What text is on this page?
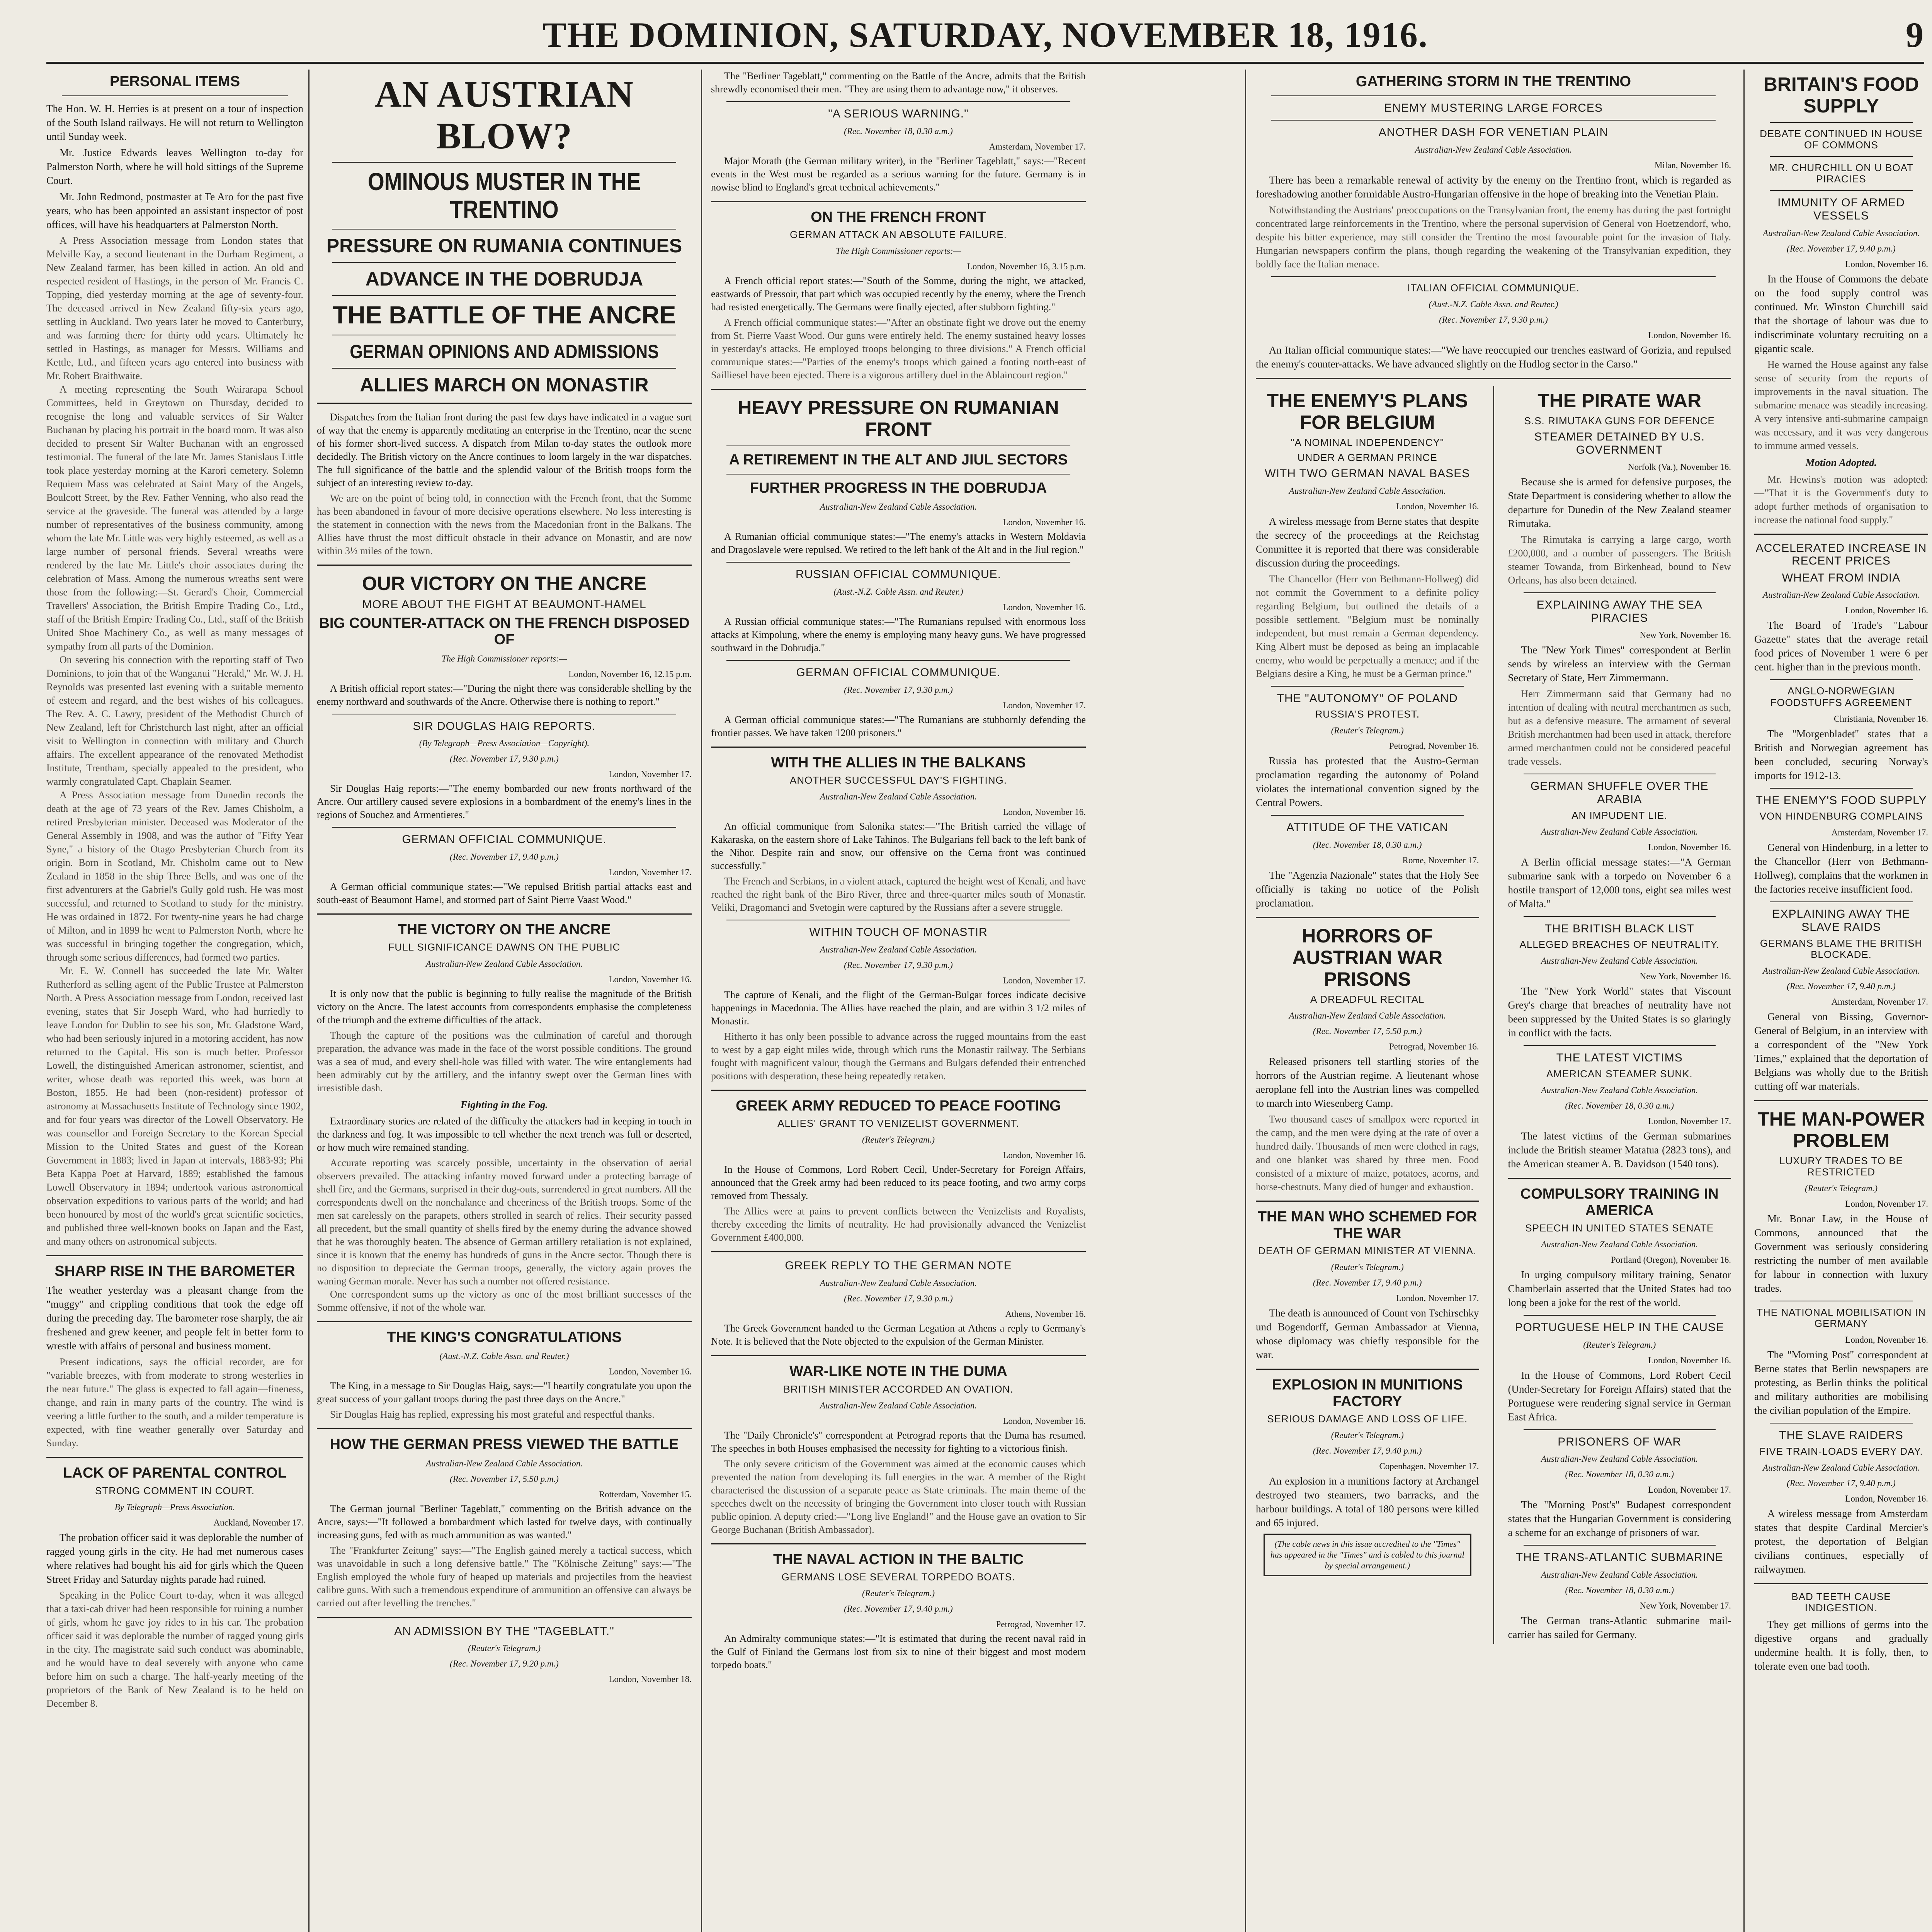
THE DOMINION, SATURDAY, NOVEMBER 18, 1916.	9
PERSONAL ITEMS

The Hon. W. H. Herries is at present on a tour of inspection of the South Island railways. He will not return to Wellington until Sunday week.

Mr. Justice Edwards leaves Wellington to-day for Palmerston North, where he will hold sittings of the Supreme Court.

Mr. John Redmond, postmaster at Te Aro for the past five years, who has been appointed an assistant inspector of post offices, will have his headquarters at Palmerston North.

A Press Association message from London states that Melville Kay, a second lieutenant in the Durham Regiment, a New Zealand farmer, has been killed in action. An old and respected resident of Hastings, in the person of Mr. Francis C. Topping, died yesterday morning at the age of seventy-four. The deceased arrived in New Zealand fifty-six years ago, settling in Auckland. Two years later he moved to Canterbury, and was farming there for thirty odd years. Ultimately he settled in Hastings, as manager for Messrs. Williams and Kettle, Ltd., and fifteen years ago entered into business with Mr. Robert Braithwaite.
A meeting representing the South Wairarapa School Committees, held in Greytown on Thursday, decided to recognise the long and valuable services of Sir Walter Buchanan by placing his portrait in the board room. It was also decided to present Sir Walter Buchanan with an engrossed testimonial. The funeral of the late Mr. James Stanislaus Little took place yesterday morning at the Karori cemetery. Solemn Requiem Mass was celebrated at Saint Mary of the Angels, Boulcott Street, by the Rev. Father Venning, who also read the service at the graveside. The funeral was attended by a large number of representatives of the business community, among whom the late Mr. Little was very highly esteemed, as well as a large number of personal friends. Several wreaths were rendered by the late Mr. Little's choir associates during the celebration of Mass. Among the numerous wreaths sent were those from the following:—St. Gerard's Choir, Commercial Travellers' Association, the British Empire Trading Co., Ltd., staff of the British Empire Trading Co., Ltd., staff of the British United Shoe Machinery Co., as well as many messages of sympathy from all parts of the Dominion.
On severing his connection with the reporting staff of Two Dominions, to join that of the Wanganui "Herald," Mr. W. J. H. Reynolds was presented last evening with a suitable memento of esteem and regard, and the best wishes of his colleagues. The Rev. A. C. Lawry, president of the Methodist Church of New Zealand, left for Christchurch last night, after an official visit to Wellington in connection with military and Church affairs. The excellent appearance of the renovated Methodist Institute, Trentham, specially appealed to the president, who warmly congratulated Capt. Chaplain Seamer.
A Press Association message from Dunedin records the death at the age of 73 years of the Rev. James Chisholm, a retired Presbyterian minister. Deceased was Moderator of the General Assembly in 1908, and was the author of "Fifty Year Syne," a history of the Otago Presbyterian Church from its origin. Born in Scotland, Mr. Chisholm came out to New Zealand in 1858 in the ship Three Bells, and was one of the first adventurers at the Gabriel's Gully gold rush. He was most successful, and returned to Scotland to study for the ministry. He was ordained in 1872. For twenty-nine years he had charge of Milton, and in 1899 he went to Palmerston North, where he was successful in bringing together the congregation, which, through some serious differences, had formed two parties.
Mr. E. W. Connell has succeeded the late Mr. Walter Rutherford as selling agent of the Public Trustee at Palmerston North. A Press Association message from London, received last evening, states that Sir Joseph Ward, who had hurriedly to leave London for Dublin to see his son, Mr. Gladstone Ward, who had been seriously injured in a motoring accident, has now returned to the Capital. His son is much better. Professor Lowell, the distinguished American astronomer, scientist, and writer, whose death was reported this week, was born at Boston, 1855. He had been (non-resident) professor of astronomy at Massachusetts Institute of Technology since 1902, and for four years was director of the Lowell Observatory. He was counsellor and Foreign Secretary to the Korean Special Mission to the United States and guest of the Korean Government in 1883; lived in Japan at intervals, 1883-93; Phi Beta Kappa Poet at Harvard, 1889; established the famous Lowell Observatory in 1894; undertook various astronomical observation expeditions to various parts of the world; and had been honoured by most of the world's great scientific societies, and published three well-known books on Japan and the East, and many others on astronomical subjects.
SHARP RISE IN THE BAROMETER

The weather yesterday was a pleasant change from the "muggy" and crippling conditions that took the edge off during the preceding day. The barometer rose sharply, the air freshened and grew keener, and people felt in better form to wrestle with affairs of personal and business moment.

Present indications, says the official recorder, are for "variable breezes, with from moderate to strong westerlies in the near future." The glass is expected to fall again—fineness, change, and rain in many parts of the country. The wind is veering a little further to the south, and a milder temperature is expected, with fine weather generally over Saturday and Sunday.
LACK OF PARENTAL CONTROL
STRONG COMMENT IN COURT.
By Telegraph—Press Association.
Auckland, November 17.

The probation officer said it was deplorable the number of ragged young girls in the city. He had met numerous cases where relatives had bought his aid for girls which the Queen Street Friday and Saturday nights parade had ruined.

Speaking in the Police Court to-day, when it was alleged that a taxi-cab driver had been responsible for ruining a number of girls, whom he gave joy rides to in his car. The probation officer said it was deplorable the number of ragged young girls in the city. The magistrate said such conduct was abominable, and he would have to deal severely with anyone who came before him on such a charge. The half-yearly meeting of the proprietors of the Bank of New Zealand is to be held on December 8.
AN AUSTRIAN BLOW?
OMINOUS MUSTER IN THE TRENTINO
PRESSURE ON RUMANIA CONTINUES
ADVANCE IN THE DOBRUDJA
THE BATTLE OF THE ANCRE
GERMAN OPINIONS AND ADMISSIONS
ALLIES MARCH ON MONASTIR

Dispatches from the Italian front during the past few days have indicated in a vague sort of way that the enemy is apparently meditating an enterprise in the Trentino, near the scene of his former short-lived success. A dispatch from Milan to-day states the outlook more decidedly. The British victory on the Ancre continues to loom largely in the war dispatches. The full significance of the battle and the splendid valour of the British troops form the subject of an interesting review to-day.

We are on the point of being told, in connection with the French front, that the Somme has been abandoned in favour of more decisive operations elsewhere. No less interesting is the statement in connection with the news from the Macedonian front in the Balkans. The Allies have thrust the most difficult obstacle in their advance on Monastir, and are now within 3½ miles of the town.
OUR VICTORY ON THE ANCRE
MORE ABOUT THE FIGHT AT BEAUMONT-HAMEL
BIG COUNTER-ATTACK ON THE FRENCH DISPOSED OF
The High Commissioner reports:—
London, November 16, 12.15 p.m.

A British official report states:—"During the night there was considerable shelling by the enemy northward and southwards of the Ancre. Otherwise there is nothing to report."

SIR DOUGLAS HAIG REPORTS.
(By Telegraph—Press Association—Copyright).
(Rec. November 17, 9.30 p.m.)
London, November 17.

Sir Douglas Haig reports:—"The enemy bombarded our new fronts northward of the Ancre. Our artillery caused severe explosions in a bombardment of the enemy's lines in the regions of Souchez and Armentieres."

GERMAN OFFICIAL COMMUNIQUE.
(Rec. November 17, 9.40 p.m.)
London, November 17.

A German official communique states:—"We repulsed British partial attacks east and south-east of Beaumont Hamel, and stormed part of Saint Pierre Vaast Wood."

THE VICTORY ON THE ANCRE
FULL SIGNIFICANCE DAWNS ON THE PUBLIC
Australian-New Zealand Cable Association.
London, November 16.

It is only now that the public is beginning to fully realise the magnitude of the British victory on the Ancre. The latest accounts from correspondents emphasise the completeness of the triumph and the extreme difficulties of the attack.

Though the capture of the positions was the culmination of careful and thorough preparation, the advance was made in the face of the worst possible conditions. The ground was a sea of mud, and every shell-hole was filled with water. The wire entanglements had been admirably cut by the artillery, and the infantry swept over the German lines with irresistible dash.
Fighting in the Fog.

Extraordinary stories are related of the difficulty the attackers had in keeping in touch in the darkness and fog. It was impossible to tell whether the next trench was full or deserted, or how much wire remained standing.

Accurate reporting was scarcely possible, uncertainty in the observation of aerial observers prevailed. The attacking infantry moved forward under a protecting barrage of shell fire, and the Germans, surprised in their dug-outs, surrendered in great numbers. All the correspondents dwell on the nonchalance and cheeriness of the British troops. Some of the men sat carelessly on the parapets, others strolled in search of relics. Their security passed all precedent, but the small quantity of shells fired by the enemy during the advance showed that he was thoroughly beaten. The absence of German artillery retaliation is not explained, since it is known that the enemy has hundreds of guns in the Ancre sector. Though there is no disposition to depreciate the German troops, generally, the victory again proves the waning German morale. Never has such a number not offered resistance.
One correspondent sums up the victory as one of the most brilliant successes of the Somme offensive, if not of the whole war.
THE KING'S CONGRATULATIONS
(Aust.-N.Z. Cable Assn. and Reuter.)
London, November 16.

The King, in a message to Sir Douglas Haig, says:—"I heartily congratulate you upon the great success of your gallant troops during the past three days on the Ancre."

Sir Douglas Haig has replied, expressing his most grateful and respectful thanks.
HOW THE GERMAN PRESS VIEWED THE BATTLE
Australian-New Zealand Cable Association.
(Rec. November 17, 5.50 p.m.)
Rotterdam, November 15.

The German journal "Berliner Tageblatt," commenting on the British advance on the Ancre, says:—"It followed a bombardment which lasted for twelve days, with continually increasing guns, fed with as much ammunition as was wanted."

The "Frankfurter Zeitung" says:—"The English gained merely a tactical success, which was unavoidable in such a long defensive battle." The "Kölnische Zeitung" says:—"The English employed the whole fury of heaped up materials and projectiles from the heaviest calibre guns. With such a tremendous expenditure of ammunition an offensive can always be carried out after levelling the trenches."
AN ADMISSION BY THE "TAGEBLATT."
(Reuter's Telegram.)
(Rec. November 17, 9.20 p.m.)
London, November 18.

The "Berliner Tageblatt," commenting on the Battle of the Ancre, admits that the British shrewdly economised their men. "They are using them to advantage now," it observes.

"A SERIOUS WARNING."
(Rec. November 18, 0.30 a.m.)
Amsterdam, November 17.

Major Morath (the German military writer), in the "Berliner Tageblatt," says:—"Recent events in the West must be regarded as a serious warning for the future. Germany is in nowise blind to England's great technical achievements."

ON THE FRENCH FRONT
GERMAN ATTACK AN ABSOLUTE FAILURE.
The High Commissioner reports:—
London, November 16, 3.15 p.m.

A French official report states:—"South of the Somme, during the night, we attacked, eastwards of Pressoir, that part which was occupied recently by the enemy, where the French had resisted energetically. The Germans were finally ejected, after stubborn fighting."

A French official communique states:—"After an obstinate fight we drove out the enemy from St. Pierre Vaast Wood. Our guns were entirely held. The enemy sustained heavy losses in yesterday's attacks. He employed troops belonging to three divisions." A French official communique states:—"Parties of the enemy's troops which gained a footing north-east of Sailliesel have been ejected. There is a vigorous artillery duel in the Ablaincourt region."
HEAVY PRESSURE ON RUMANIAN FRONT
A RETIREMENT IN THE ALT AND JIUL SECTORS
FURTHER PROGRESS IN THE DOBRUDJA
Australian-New Zealand Cable Association.
London, November 16.

A Rumanian official communique states:—"The enemy's attacks in Western Moldavia and Dragoslavele were repulsed. We retired to the left bank of the Alt and in the Jiul region."

RUSSIAN OFFICIAL COMMUNIQUE.
(Aust.-N.Z. Cable Assn. and Reuter.)
London, November 16.

A Russian official communique states:—"The Rumanians repulsed with enormous loss attacks at Kimpolung, where the enemy is employing many heavy guns. We have progressed southward in the Dobrudja."

GERMAN OFFICIAL COMMUNIQUE.
(Rec. November 17, 9.30 p.m.)
London, November 17.

A German official communique states:—"The Rumanians are stubbornly defending the frontier passes. We have taken 1200 prisoners."

WITH THE ALLIES IN THE BALKANS
ANOTHER SUCCESSFUL DAY'S FIGHTING.
Australian-New Zealand Cable Association.
London, November 16.

An official communique from Salonika states:—"The British carried the village of Kakaraska, on the eastern shore of Lake Tahinos. The Bulgarians fell back to the left bank of the Nihor. Despite rain and snow, our offensive on the Cerna front was continued successfully."

The French and Serbians, in a violent attack, captured the height west of Kenali, and have reached the right bank of the Biro River, three and three-quarter miles south of Monastir. Veliki, Dragomanci and Svetogin were captured by the Russians after a severe struggle.
WITHIN TOUCH OF MONASTIR
Australian-New Zealand Cable Association.
(Rec. November 17, 9.30 p.m.)
London, November 17.

The capture of Kenali, and the flight of the German-Bulgar forces indicate decisive happenings in Macedonia. The Allies have reached the plain, and are within 3 1/2 miles of Monastir.

Hitherto it has only been possible to advance across the rugged mountains from the east to west by a gap eight miles wide, through which runs the Monastir railway. The Serbians fought with magnificent valour, though the Germans and Bulgars defended their entrenched positions with desperation, these being repeatedly retaken.
GREEK ARMY REDUCED TO PEACE FOOTING
ALLIES' GRANT TO VENIZELIST GOVERNMENT.
(Reuter's Telegram.)
London, November 16.

In the House of Commons, Lord Robert Cecil, Under-Secretary for Foreign Affairs, announced that the Greek army had been reduced to its peace footing, and two army corps removed from Thessaly.

The Allies were at pains to prevent conflicts between the Venizelists and Royalists, thereby exceeding the limits of neutrality. He had provisionally advanced the Venizelist Government £400,000.
GREEK REPLY TO THE GERMAN NOTE
Australian-New Zealand Cable Association.
(Rec. November 17, 9.30 p.m.)
Athens, November 16.

The Greek Government handed to the German Legation at Athens a reply to Germany's Note. It is believed that the Note objected to the expulsion of the German Minister.

WAR-LIKE NOTE IN THE DUMA
BRITISH MINISTER ACCORDED AN OVATION.
Australian-New Zealand Cable Association.
London, November 16.

The "Daily Chronicle's" correspondent at Petrograd reports that the Duma has resumed. The speeches in both Houses emphasised the necessity for fighting to a victorious finish.

The only severe criticism of the Government was aimed at the economic causes which prevented the nation from developing its full energies in the war. A member of the Right characterised the discussion of a separate peace as State criminals. The main theme of the speeches dwelt on the necessity of bringing the Government into closer touch with Russian public opinion. A deputy cried:—"Long live England!" and the House gave an ovation to Sir George Buchanan (British Ambassador).
THE NAVAL ACTION IN THE BALTIC
GERMANS LOSE SEVERAL TORPEDO BOATS.
(Reuter's Telegram.)
(Rec. November 17, 9.40 p.m.)
Petrograd, November 17.

An Admiralty communique states:—"It is estimated that during the recent naval raid in the Gulf of Finland the Germans lost from six to nine of their biggest and most modern torpedo boats."

GATHERING STORM IN THE TRENTINO
ENEMY MUSTERING LARGE FORCES
ANOTHER DASH FOR VENETIAN PLAIN
Australian-New Zealand Cable Association.
Milan, November 16.

There has been a remarkable renewal of activity by the enemy on the Trentino front, which is regarded as foreshadowing another formidable Austro-Hungarian offensive in the hope of breaking into the Venetian Plain.

Notwithstanding the Austrians' preoccupations on the Transylvanian front, the enemy has during the past fortnight concentrated large reinforcements in the Trentino, where the personal supervision of General von Hoetzendorf, who, despite his bitter experience, may still consider the Trentino the most favourable point for the invasion of Italy. Hungarian newspapers confirm the plans, though regarding the weakening of the Transylvanian expedition, they boldly face the Italian menace.
ITALIAN OFFICIAL COMMUNIQUE.
(Aust.-N.Z. Cable Assn. and Reuter.)
(Rec. November 17, 9.30 p.m.)
London, November 16.

An Italian official communique states:—"We have reoccupied our trenches eastward of Gorizia, and repulsed the enemy's counter-attacks. We have advanced slightly on the Hudlog sector in the Carso."

THE ENEMY'S PLANS FOR BELGIUM
"A NOMINAL INDEPENDENCY"
UNDER A GERMAN PRINCE
WITH TWO GERMAN NAVAL BASES
Australian-New Zealand Cable Association.
London, November 16.

A wireless message from Berne states that despite the secrecy of the proceedings at the Reichstag Committee it is reported that there was considerable discussion during the proceedings.

The Chancellor (Herr von Bethmann-Hollweg) did not commit the Government to a definite policy regarding Belgium, but outlined the details of a possible settlement. "Belgium must be nominally independent, but must remain a German dependency. King Albert must be deposed as being an implacable enemy, who would be perpetually a menace; and if the Belgians desire a King, he must be a German prince."
THE "AUTONOMY" OF POLAND
RUSSIA'S PROTEST.
(Reuter's Telegram.)
Petrograd, November 16.

Russia has protested that the Austro-German proclamation regarding the autonomy of Poland violates the international convention signed by the Central Powers.

ATTITUDE OF THE VATICAN
(Rec. November 18, 0.30 a.m.)
Rome, November 17.

The "Agenzia Nazionale" states that the Holy See officially is taking no notice of the Polish proclamation.

HORRORS OF AUSTRIAN WAR PRISONS
A DREADFUL RECITAL
Australian-New Zealand Cable Association.
(Rec. November 17, 5.50 p.m.)
Petrograd, November 16.

Released prisoners tell startling stories of the horrors of the Austrian regime. A lieutenant whose aeroplane fell into the Austrian lines was compelled to march into Wiesenberg Camp.

Two thousand cases of smallpox were reported in the camp, and the men were dying at the rate of over a hundred daily. Thousands of men were clothed in rags, and one blanket was shared by three men. Food consisted of a mixture of maize, potatoes, acorns, and horse-chestnuts. Many died of hunger and exhaustion.
THE MAN WHO SCHEMED FOR THE WAR
DEATH OF GERMAN MINISTER AT VIENNA.
(Reuter's Telegram.)
(Rec. November 17, 9.40 p.m.)
London, November 17.

The death is announced of Count von Tschirschky und Bogendorff, German Ambassador at Vienna, whose diplomacy was chiefly responsible for the war.

EXPLOSION IN MUNITIONS FACTORY
SERIOUS DAMAGE AND LOSS OF LIFE.
(Reuter's Telegram.)
(Rec. November 17, 9.40 p.m.)
Copenhagen, November 17.

An explosion in a munitions factory at Archangel destroyed two steamers, two barracks, and the harbour buildings. A total of 180 persons were killed and 65 injured.

(The cable news in this issue accredited to the "Times" has appeared in the "Times" and is cabled to this journal by special arrangement.)
THE PIRATE WAR
S.S. RIMUTAKA GUNS FOR DEFENCE
STEAMER DETAINED BY U.S. GOVERNMENT
Norfolk (Va.), November 16.

Because she is armed for defensive purposes, the State Department is considering whether to allow the departure for Dunedin of the New Zealand steamer Rimutaka.

The Rimutaka is carrying a large cargo, worth £200,000, and a number of passengers. The British steamer Towanda, from Birkenhead, bound to New Orleans, has also been detained.
EXPLAINING AWAY THE SEA PIRACIES
New York, November 16.

The "New York Times" correspondent at Berlin sends by wireless an interview with the German Secretary of State, Herr Zimmermann.

Herr Zimmermann said that Germany had no intention of dealing with neutral merchantmen as such, but as a defensive measure. The armament of several British merchantmen had been used in attack, therefore armed merchantmen could not be considered peaceful trade vessels.
GERMAN SHUFFLE OVER THE ARABIA
AN IMPUDENT LIE.
Australian-New Zealand Cable Association.
London, November 16.

A Berlin official message states:—"A German submarine sank with a torpedo on November 6 a hostile transport of 12,000 tons, eight sea miles west of Malta."

THE BRITISH BLACK LIST
ALLEGED BREACHES OF NEUTRALITY.
Australian-New Zealand Cable Association.
New York, November 16.

The "New York World" states that Viscount Grey's charge that breaches of neutrality have not been suppressed by the United States is so glaringly in conflict with the facts.

THE LATEST VICTIMS
AMERICAN STEAMER SUNK.
Australian-New Zealand Cable Association.
(Rec. November 18, 0.30 a.m.)
London, November 17.

The latest victims of the German submarines include the British steamer Matatua (2823 tons), and the American steamer A. B. Davidson (1540 tons).

COMPULSORY TRAINING IN AMERICA
SPEECH IN UNITED STATES SENATE
Australian-New Zealand Cable Association.
Portland (Oregon), November 16.

In urging compulsory military training, Senator Chamberlain asserted that the United States had too long been a joke for the rest of the world.

PORTUGUESE HELP IN THE CAUSE
(Reuter's Telegram.)
London, November 16.

In the House of Commons, Lord Robert Cecil (Under-Secretary for Foreign Affairs) stated that the Portuguese were rendering signal service in German East Africa.

PRISONERS OF WAR
Australian-New Zealand Cable Association.
(Rec. November 18, 0.30 a.m.)
London, November 17.

The "Morning Post's" Budapest correspondent states that the Hungarian Government is considering a scheme for an exchange of prisoners of war.

THE TRANS-ATLANTIC SUBMARINE
Australian-New Zealand Cable Association.
(Rec. November 18, 0.30 a.m.)
New York, November 17.

The German trans-Atlantic submarine mail-carrier has sailed for Germany.

BRITAIN'S FOOD SUPPLY
DEBATE CONTINUED IN HOUSE OF COMMONS
MR. CHURCHILL ON U BOAT PIRACIES
IMMUNITY OF ARMED VESSELS
Australian-New Zealand Cable Association.
(Rec. November 17, 9.40 p.m.)
London, November 16.

In the House of Commons the debate on the food supply control was continued. Mr. Winston Churchill said that the shortage of labour was due to indiscriminate voluntary recruiting on a gigantic scale.

He warned the House against any false sense of security from the reports of improvements in the naval situation. The submarine menace was steadily increasing. A very intensive anti-submarine campaign was necessary, and it was very dangerous to immune armed vessels.
Motion Adopted.
Mr. Hewins's motion was adopted:—"That it is the Government's duty to adopt further methods of organisation to increase the national food supply."
ACCELERATED INCREASE IN RECENT PRICES
WHEAT FROM INDIA
Australian-New Zealand Cable Association.
London, November 16.

The Board of Trade's "Labour Gazette" states that the average retail food prices of November 1 were 6 per cent. higher than in the previous month.

ANGLO-NORWEGIAN FOODSTUFFS AGREEMENT
Christiania, November 16.

The "Morgenbladet" states that a British and Norwegian agreement has been concluded, securing Norway's imports for 1912-13.

THE ENEMY'S FOOD SUPPLY
VON HINDENBURG COMPLAINS
Amsterdam, November 17.

General von Hindenburg, in a letter to the Chancellor (Herr von Bethmann-Hollweg), complains that the workmen in the factories receive insufficient food.

EXPLAINING AWAY THE SLAVE RAIDS
GERMANS BLAME THE BRITISH BLOCKADE.
Australian-New Zealand Cable Association.
(Rec. November 17, 9.40 p.m.)
Amsterdam, November 17.

General von Bissing, Governor-General of Belgium, in an interview with a correspondent of the "New York Times," explained that the deportation of Belgians was wholly due to the British cutting off war materials.

THE MAN-POWER PROBLEM
LUXURY TRADES TO BE RESTRICTED
(Reuter's Telegram.)
London, November 17.

Mr. Bonar Law, in the House of Commons, announced that the Government was seriously considering restricting the number of men available for labour in connection with luxury trades.

THE NATIONAL MOBILISATION IN GERMANY
London, November 16.

The "Morning Post" correspondent at Berne states that Berlin newspapers are protesting, as Berlin thinks the political and military authorities are mobilising the civilian population of the Empire.

THE SLAVE RAIDERS
FIVE TRAIN-LOADS EVERY DAY.
Australian-New Zealand Cable Association.
(Rec. November 17, 9.40 p.m.)
London, November 16.

A wireless message from Amsterdam states that despite Cardinal Mercier's protest, the deportation of Belgian civilians continues, especially of railwaymen.

BAD TEETH CAUSE INDIGESTION.

They get millions of germs into the digestive organs and gradually undermine health. It is folly, then, to tolerate even one bad tooth.
